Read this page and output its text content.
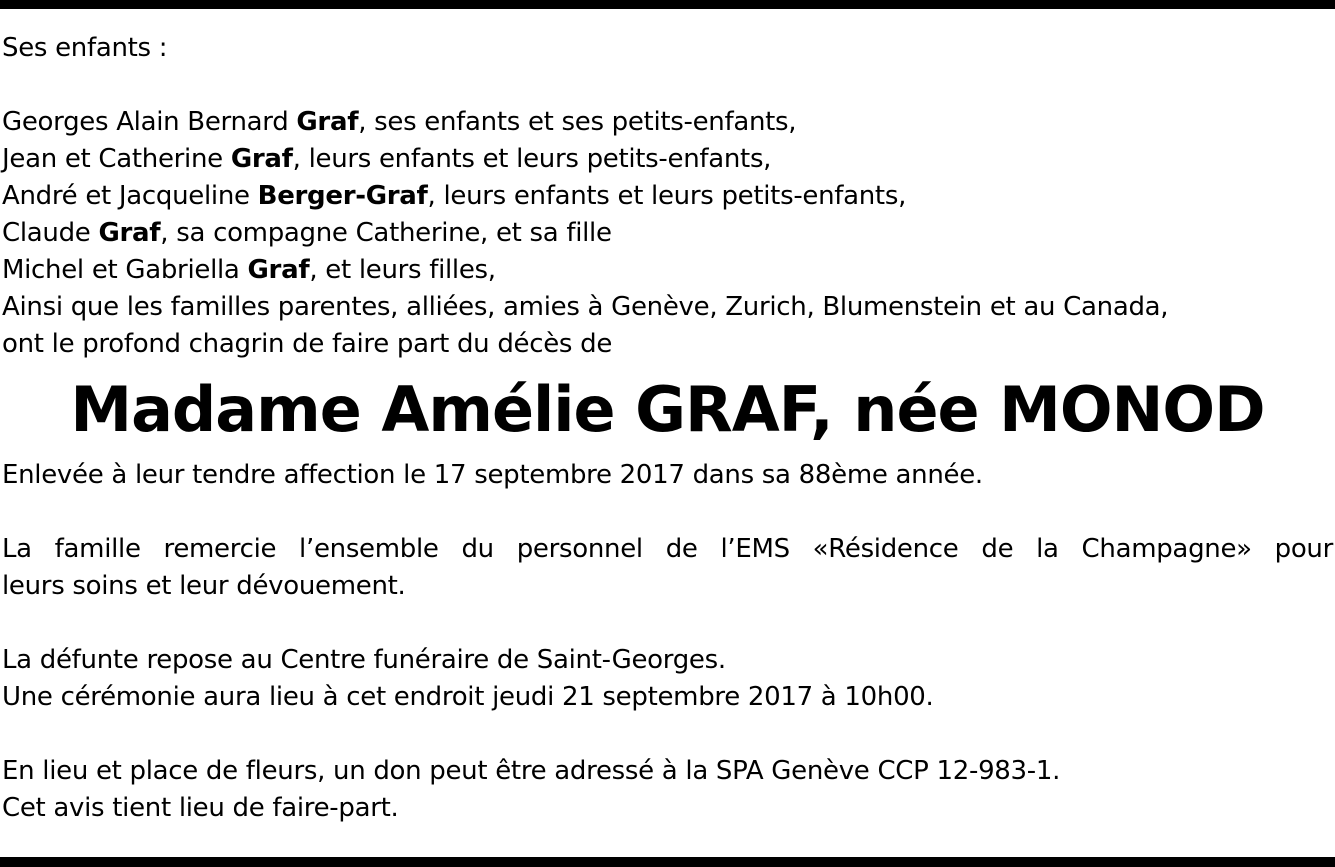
Ses enfants :
Georges Alain Bernard Graf, ses enfants et ses petits-enfants,
Jean et Catherine Graf, leurs enfants et leurs petits-enfants,
André et Jacqueline Berger-Graf, leurs enfants et leurs petits-enfants,
Claude Graf, sa compagne Catherine, et sa fille
Michel et Gabriella Graf, et leurs filles,
Ainsi que les familles parentes, alliées, amies à Genève, Zurich, Blumenstein et au Canada,
ont le profond chagrin de faire part du décès de
Madame Amélie GRAF, née MONOD
Enlevée à leur tendre affection le 17 septembre 2017 dans sa 88ème année.
La famille remercie l’ensemble du personnel de l’EMS «Résidence de la Champagne» pour
leurs soins et leur dévouement.
La défunte repose au Centre funéraire de Saint-Georges.
Une cérémonie aura lieu à cet endroit jeudi 21 septembre 2017 à 10h00.
En lieu et place de fleurs, un don peut être adressé à la SPA Genève CCP 12-983-1.
Cet avis tient lieu de faire-part.
